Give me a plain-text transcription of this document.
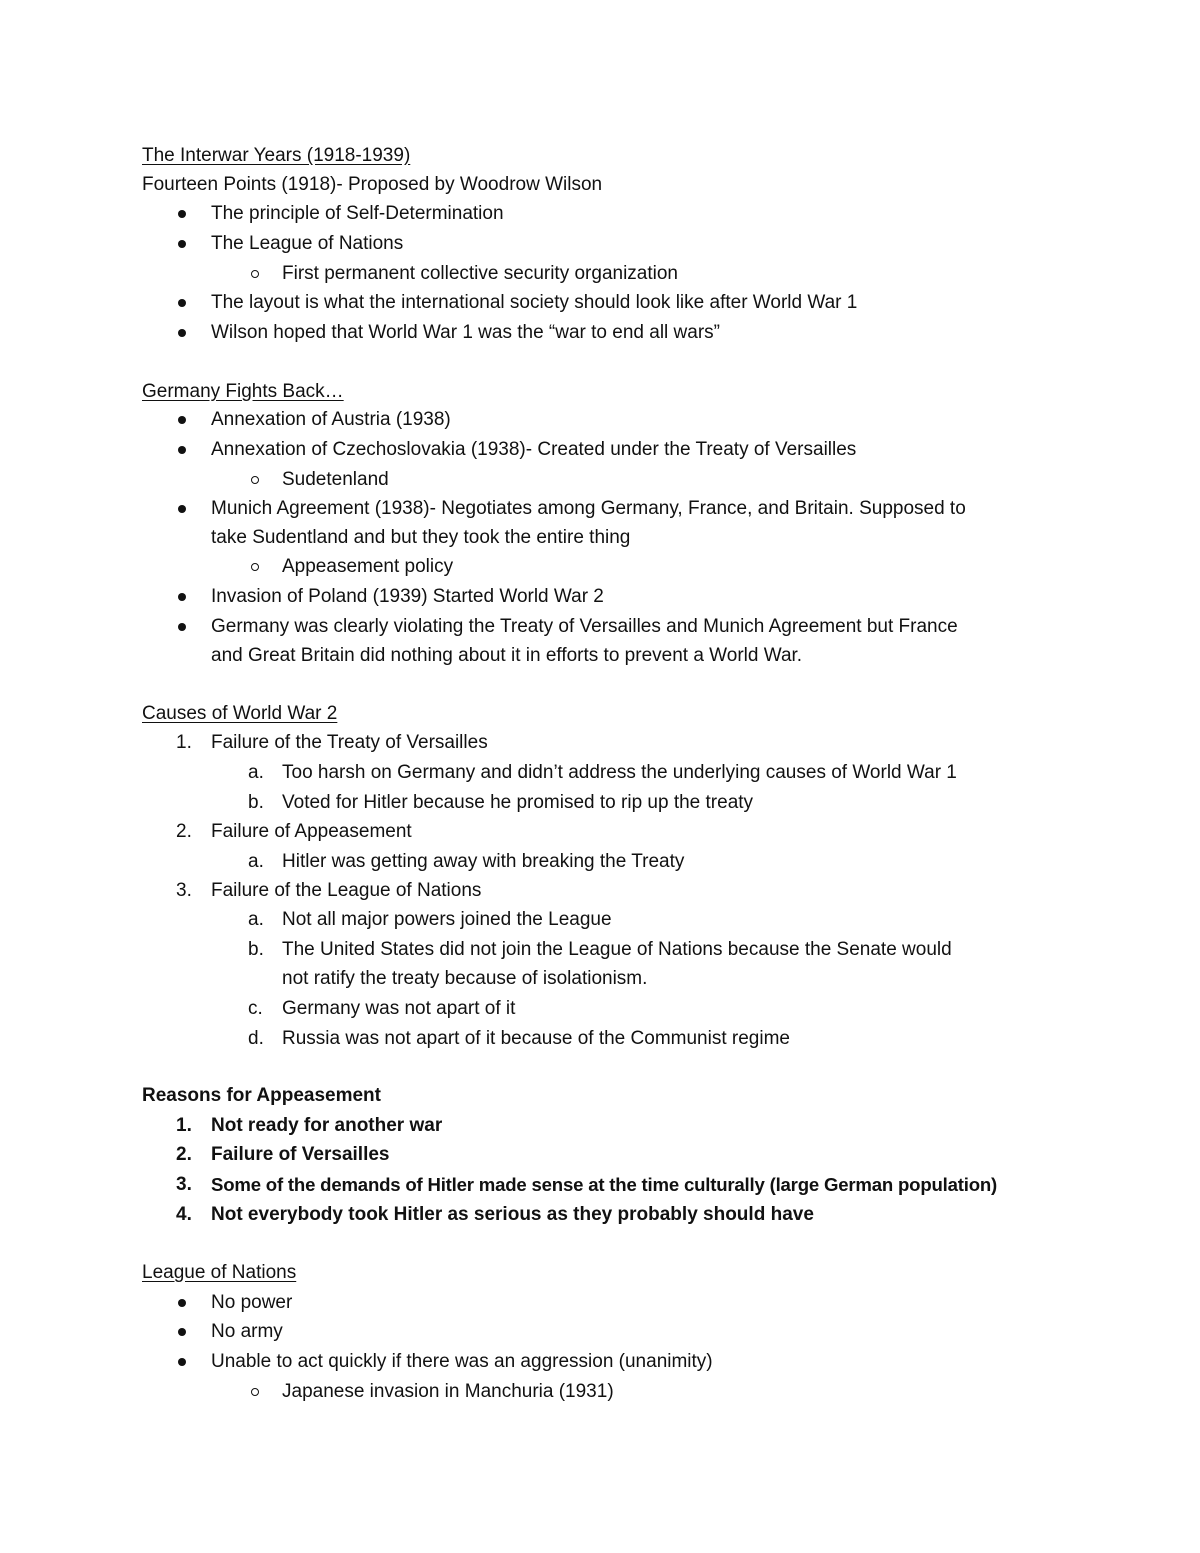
The Interwar Years (1918-1939)
Fourteen Points (1918)- Proposed by Woodrow Wilson
The principle of Self-Determination
The League of Nations
First permanent collective security organization
The layout is what the international society should look like after World War 1
Wilson hoped that World War 1 was the “war to end all wars”
Germany Fights Back…
Annexation of Austria (1938)
Annexation of Czechoslovakia (1938)- Created under the Treaty of Versailles
Sudetenland
Munich Agreement (1938)- Negotiates among Germany, France, and Britain. Supposed to
take Sudentland and but they took the entire thing
Appeasement policy
Invasion of Poland (1939) Started World War 2
Germany was clearly violating the Treaty of Versailles and Munich Agreement but France
and Great Britain did nothing about it in efforts to prevent a World War.
Causes of World War 2
1. Failure of the Treaty of Versailles
a. Too harsh on Germany and didn’t address the underlying causes of World War 1
b. Voted for Hitler because he promised to rip up the treaty
2. Failure of Appeasement
a. Hitler was getting away with breaking the Treaty
3. Failure of the League of Nations
a. Not all major powers joined the League
b. The United States did not join the League of Nations because the Senate would
not ratify the treaty because of isolationism.
c. Germany was not apart of it
d. Russia was not apart of it because of the Communist regime
Reasons for Appeasement
1. Not ready for another war
2. Failure of Versailles
3. Some of the demands of Hitler made sense at the time culturally (large German population)
4. Not everybody took Hitler as serious as they probably should have
League of Nations
No power
No army
Unable to act quickly if there was an aggression (unanimity)
Japanese invasion in Manchuria (1931)
